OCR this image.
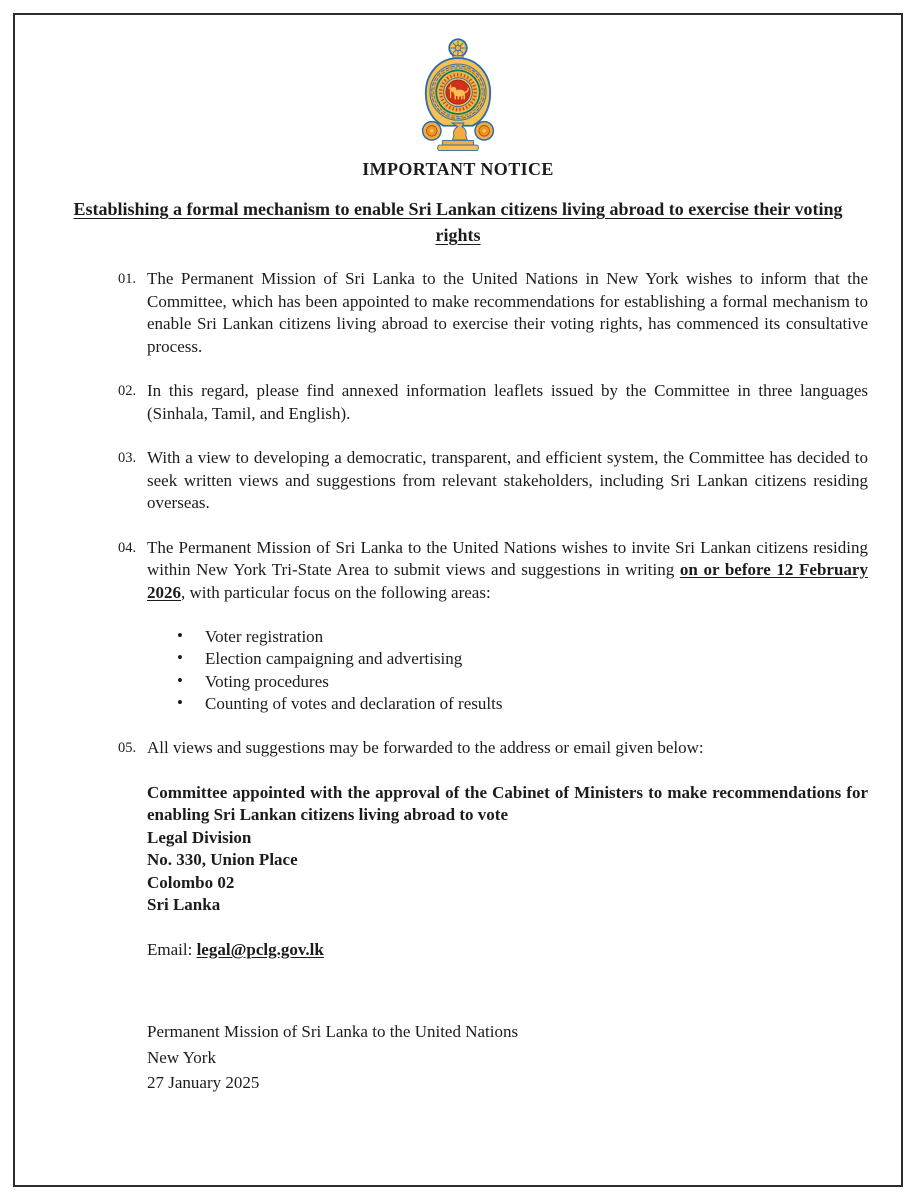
IMPORTANT NOTICE
Establishing a formal mechanism to enable Sri Lankan citizens living abroad to exercise their voting rights
01. The Permanent Mission of Sri Lanka to the United Nations in New York wishes to inform that the Committee, which has been appointed to make recommendations for establishing a formal mechanism to enable Sri Lankan citizens living abroad to exercise their voting rights, has commenced its consultative process.
02. In this regard, please find annexed information leaflets issued by the Committee in three languages (Sinhala, Tamil, and English).
03. With a view to developing a democratic, transparent, and efficient system, the Committee has decided to seek written views and suggestions from relevant stakeholders, including Sri Lankan citizens residing overseas.
04. The Permanent Mission of Sri Lanka to the United Nations wishes to invite Sri Lankan citizens residing within New York Tri-State Area to submit views and suggestions in writing on or before 12 February 2026, with particular focus on the following areas:
• Voter registration
• Election campaigning and advertising
• Voting procedures
• Counting of votes and declaration of results
05. All views and suggestions may be forwarded to the address or email given below:
Committee appointed with the approval of the Cabinet of Ministers to make recommendations for enabling Sri Lankan citizens living abroad to vote
Legal Division
No. 330, Union Place
Colombo 02
Sri Lanka
Email: legal@pclg.gov.lk
Permanent Mission of Sri Lanka to the United Nations
New York
27 January 2025
